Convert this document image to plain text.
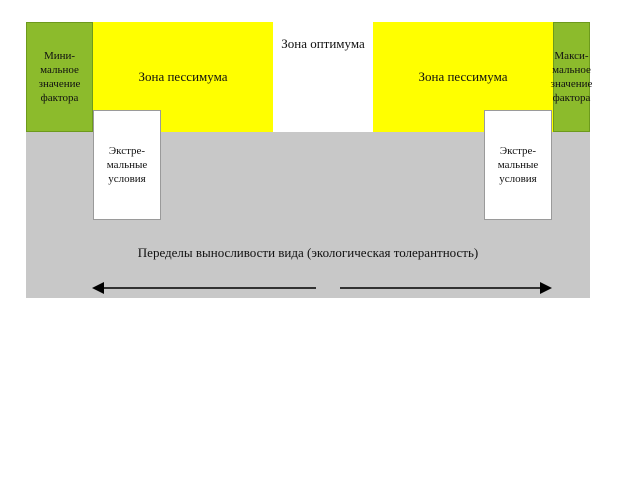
Мини-
мальное
значение
фактора
Зона пессимума
Зона оптимума
Зона пессимума
Макси-
мальное
значение
фактора
Экстре-
мальные
условия
Экстре-
мальные
условия
Переделы выносливости вида (экологическая толерантность)
